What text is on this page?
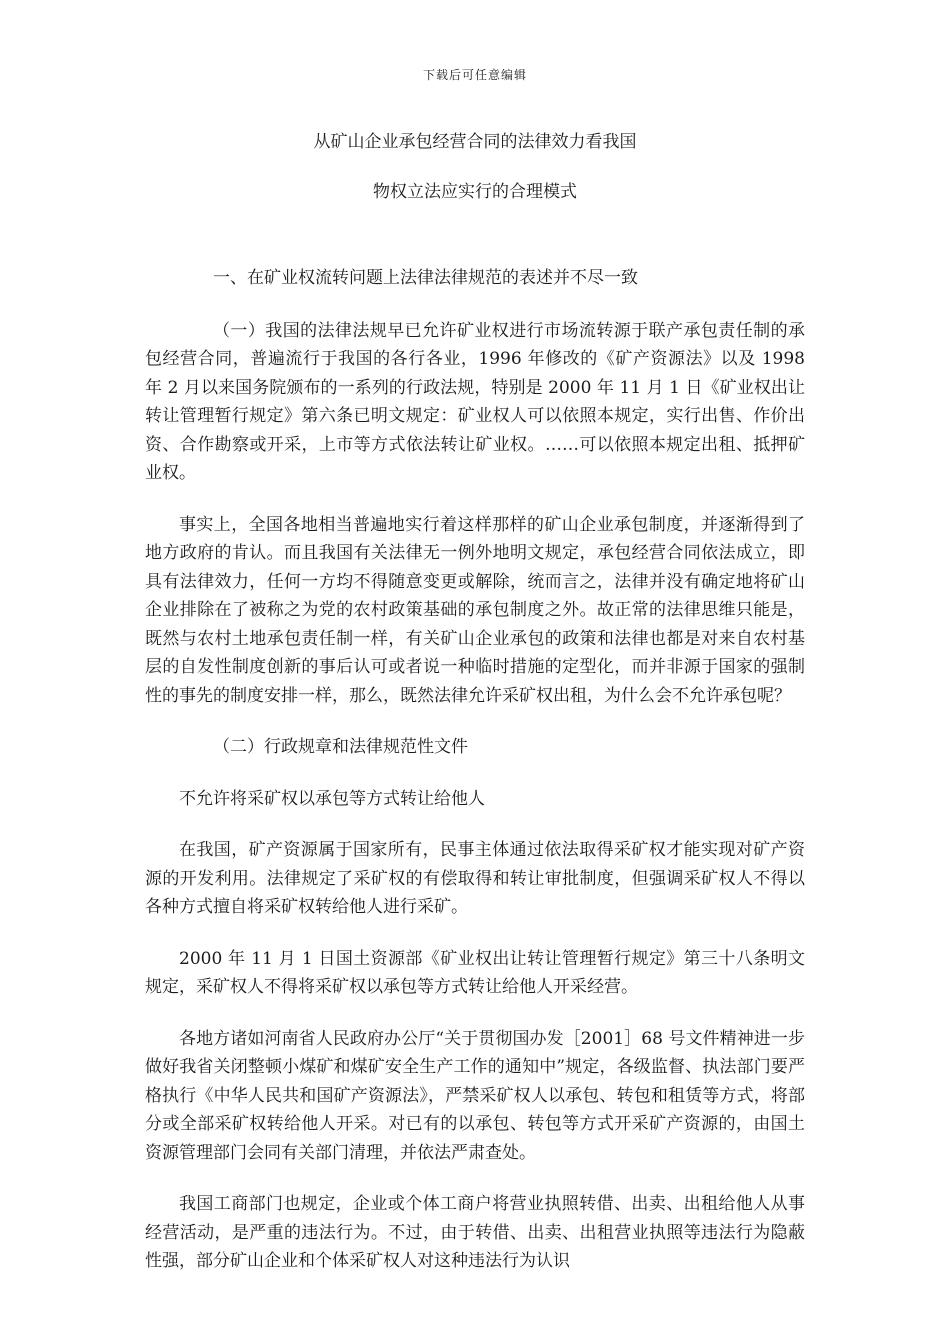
下载后可任意编辑
从矿山企业承包经营合同的法律效力看我国
物权立法应实行的合理模式

一、在矿业权流转问题上法律法律规范的表述并不尽一致

（一）我国的法律法规早已允许矿业权进行市场流转源于联产承包责任制的承包经营合同，普遍流行于我国的各行各业，1996 年修改的《矿产资源法》以及 1998 年 2 月以来国务院颁布的一系列的行政法规，特别是 2000 年 11 月 1 日《矿业权出让转让管理暂行规定》第六条已明文规定：矿业权人可以依照本规定，实行出售、作价出资、合作勘察或开采，上市等方式依法转让矿业权。……可以依照本规定出租、抵押矿业权。

事实上，全国各地相当普遍地实行着这样那样的矿山企业承包制度，并逐渐得到了地方政府的肯认。而且我国有关法律无一例外地明文规定，承包经营合同依法成立，即具有法律效力，任何一方均不得随意变更或解除，统而言之，法律并没有确定地将矿山企业排除在了被称之为党的农村政策基础的承包制度之外。故正常的法律思维只能是，既然与农村土地承包责任制一样，有关矿山企业承包的政策和法律也都是对来自农村基层的自发性制度创新的事后认可或者说一种临时措施的定型化，而并非源于国家的强制性的事先的制度安排一样，那么，既然法律允许采矿权出租，为什么会不允许承包呢？

（二）行政规章和法律规范性文件

不允许将采矿权以承包等方式转让给他人

在我国，矿产资源属于国家所有，民事主体通过依法取得采矿权才能实现对矿产资源的开发利用。法律规定了采矿权的有偿取得和转让审批制度，但强调采矿权人不得以各种方式擅自将采矿权转给他人进行采矿。

2000 年 11 月 1 日国土资源部《矿业权出让转让管理暂行规定》第三十八条明文规定，采矿权人不得将采矿权以承包等方式转让给他人开采经营。

各地方诸如河南省人民政府办公厅“关于贯彻国办发［2001］68 号文件精神进一步做好我省关闭整顿小煤矿和煤矿安全生产工作的通知中”规定，各级监督、执法部门要严格执行《中华人民共和国矿产资源法》，严禁采矿权人以承包、转包和租赁等方式，将部分或全部采矿权转给他人开采。对已有的以承包、转包等方式开采矿产资源的，由国土资源管理部门会同有关部门清理，并依法严肃查处。

我国工商部门也规定，企业或个体工商户将营业执照转借、出卖、出租给他人从事经营活动，是严重的违法行为。不过，由于转借、出卖、出租营业执照等违法行为隐蔽性强，部分矿山企业和个体采矿权人对这种违法行为认识
